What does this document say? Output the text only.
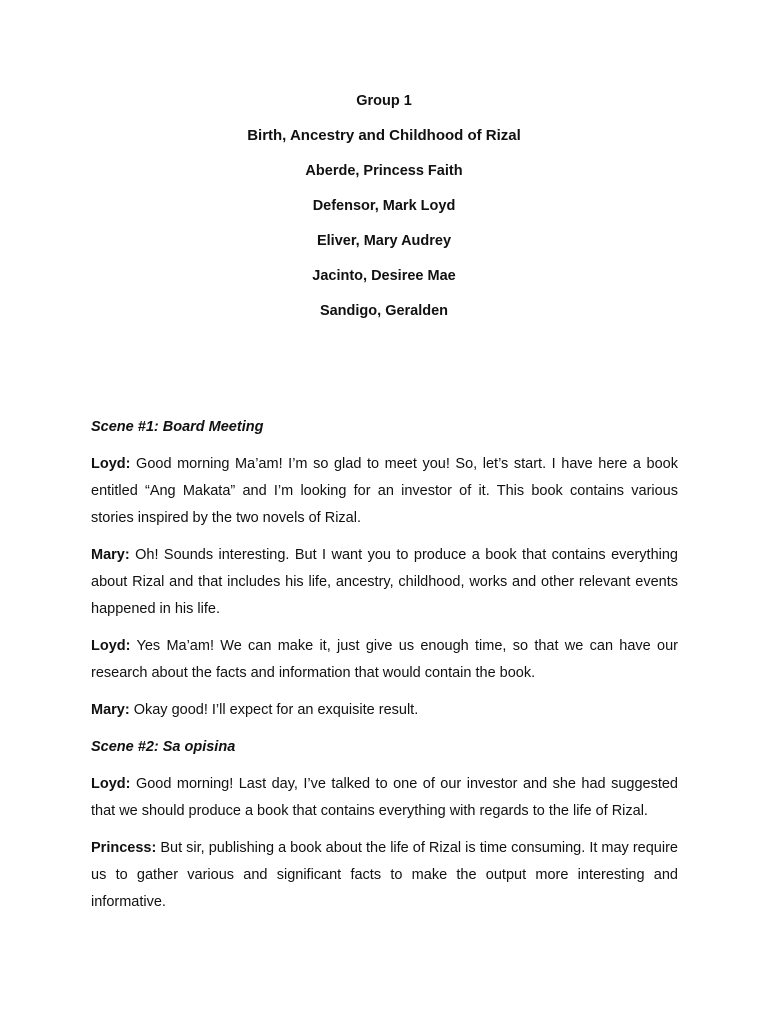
Group 1
Birth, Ancestry and Childhood of Rizal
Aberde, Princess Faith
Defensor, Mark Loyd
Eliver, Mary Audrey
Jacinto, Desiree Mae
Sandigo, Geralden

Scene #1: Board Meeting

Loyd: Good morning Ma’am! I’m so glad to meet you! So, let’s start. I have here a book entitled “Ang Makata” and I’m looking for an investor of it. This book contains various stories inspired by the two novels of Rizal.

Mary: Oh! Sounds interesting. But I want you to produce a book that contains everything about Rizal and that includes his life, ancestry, childhood, works and other relevant events happened in his life.

Loyd: Yes Ma’am! We can make it, just give us enough time, so that we can have our research about the facts and information that would contain the book.

Mary: Okay good! I’ll expect for an exquisite result.

Scene #2: Sa opisina

Loyd: Good morning! Last day, I’ve talked to one of our investor and she had suggested that we should produce a book that contains everything with regards to the life of Rizal.

Princess: But sir, publishing a book about the life of Rizal is time consuming. It may require us to gather various and significant facts to make the output more interesting and informative.
